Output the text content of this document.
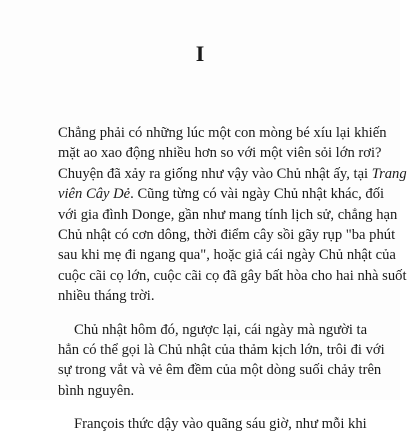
I
Chẳng phải có những lúc một con mòng bé xíu lại khiến
mặt ao xao động nhiều hơn so với một viên sỏi lớn rơi?
Chuyện đã xảy ra giống như vậy vào Chủ nhật ấy, tại Trang
viên Cây Dẻ. Cũng từng có vài ngày Chủ nhật khác, đối
với gia đình Donge, gần như mang tính lịch sử, chẳng hạn
Chủ nhật có cơn dông, thời điểm cây sồi gãy rụp "ba phút
sau khi mẹ đi ngang qua", hoặc giả cái ngày Chủ nhật của
cuộc cãi cọ lớn, cuộc cãi cọ đã gây bất hòa cho hai nhà suốt
nhiều tháng trời.
Chủ nhật hôm đó, ngược lại, cái ngày mà người ta
hẳn có thể gọi là Chủ nhật của thảm kịch lớn, trôi đi với
sự trong vắt và vẻ êm đềm của một dòng suối chảy trên
bình nguyên.
François thức dậy vào quãng sáu giờ, như mỗi khi
